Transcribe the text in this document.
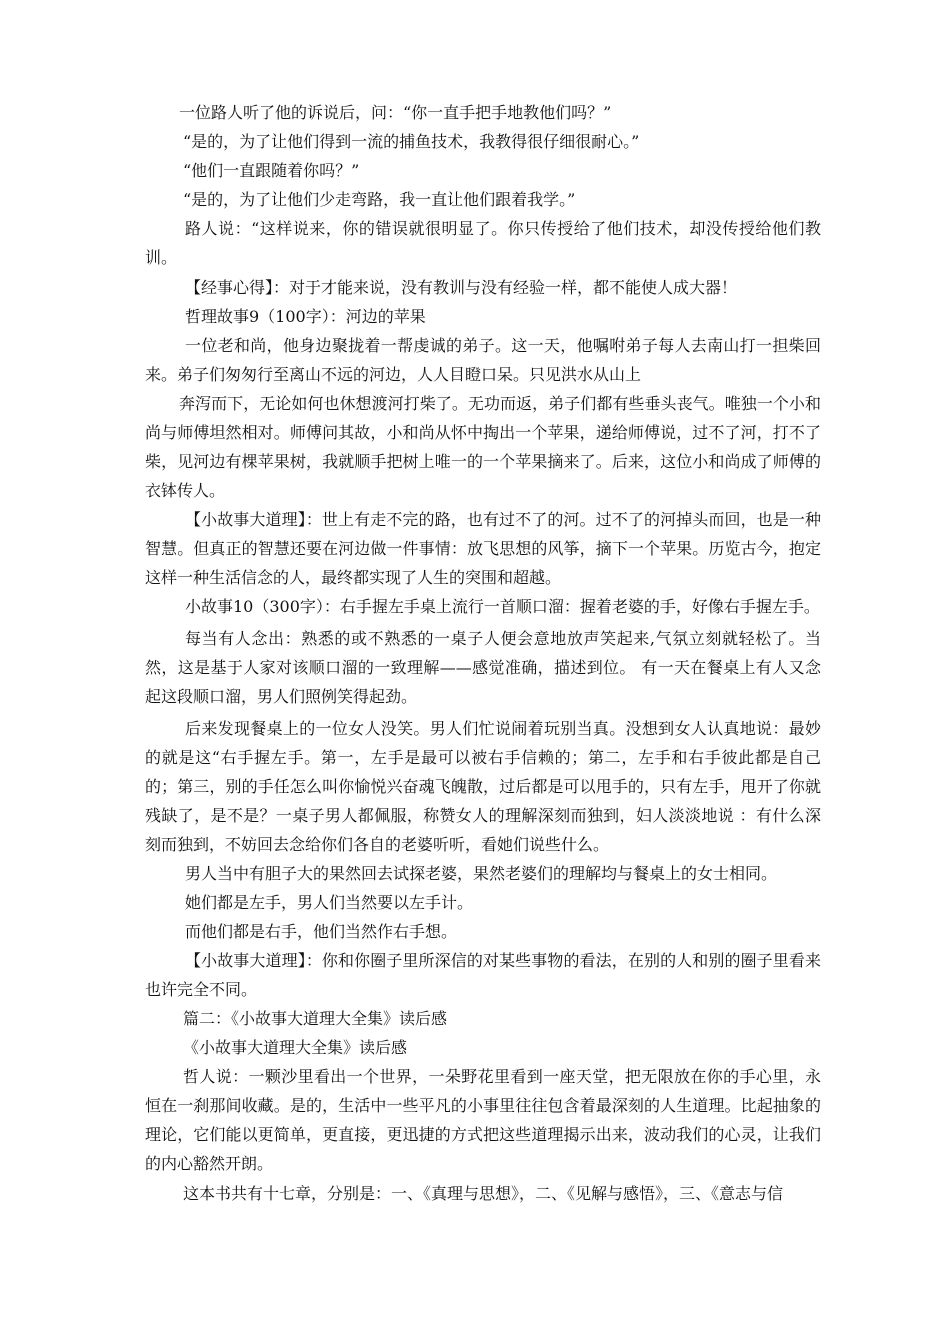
一位路人听了他的诉说后，问：“你一直手把手地教他们吗？”

“是的，为了让他们得到一流的捕鱼技术，我教得很仔细很耐心。”

“他们一直跟随着你吗？”

“是的，为了让他们少走弯路，我一直让他们跟着我学。”

路人说：“这样说来，你的错误就很明显了。你只传授给了他们技术，却没传授给他们教训。

【经事心得】：对于才能来说，没有教训与没有经验一样，都不能使人成大器！

哲理故事9（100字）：河边的苹果

一位老和尚，他身边聚拢着一帮虔诚的弟子。这一天，他嘱咐弟子每人去南山打一担柴回来。弟子们匆匆行至离山不远的河边，人人目瞪口呆。只见洪水从山上

奔泻而下，无论如何也休想渡河打柴了。无功而返，弟子们都有些垂头丧气。唯独一个小和尚与师傅坦然相对。师傅问其故，小和尚从怀中掏出一个苹果，递给师傅说，过不了河，打不了柴，见河边有棵苹果树，我就顺手把树上唯一的一个苹果摘来了。后来，这位小和尚成了师傅的衣钵传人。

【小故事大道理】：世上有走不完的路，也有过不了的河。过不了的河掉头而回，也是一种智慧。但真正的智慧还要在河边做一件事情：放飞思想的风筝，摘下一个苹果。历览古今，抱定这样一种生活信念的人，最终都实现了人生的突围和超越。

小故事10（300字）：右手握左手桌上流行一首顺口溜：握着老婆的手，好像右手握左手。

每当有人念出：熟悉的或不熟悉的一桌子人便会意地放声笑起来,气氛立刻就轻松了。当然，这是基于人家对该顺口溜的一致理解——感觉准确，描述到位。 有一天在餐桌上有人又念起这段顺口溜，男人们照例笑得起劲。

后来发现餐桌上的一位女人没笑。男人们忙说闹着玩别当真。没想到女人认真地说：最妙的就是这“右手握左手。第一，左手是最可以被右手信赖的；第二，左手和右手彼此都是自己的；第三，别的手任怎么叫你愉悦兴奋魂飞魄散，过后都是可以甩手的，只有左手，甩开了你就残缺了，是不是？一桌子男人都佩服，称赞女人的理解深刻而独到，妇人淡淡地说 ：有什么深刻而独到，不妨回去念给你们各自的老婆听听，看她们说些什么。

男人当中有胆子大的果然回去试探老婆，果然老婆们的理解均与餐桌上的女士相同。

她们都是左手，男人们当然要以左手计。

而他们都是右手，他们当然作右手想。

【小故事大道理】：你和你圈子里所深信的对某些事物的看法，在别的人和别的圈子里看来也许完全不同。

篇二：《小故事大道理大全集》读后感

《小故事大道理大全集》读后感

哲人说：一颗沙里看出一个世界，一朵野花里看到一座天堂，把无限放在你的手心里，永恒在一刹那间收藏。是的，生活中一些平凡的小事里往往包含着最深刻的人生道理。比起抽象的理论，它们能以更简单，更直接，更迅捷的方式把这些道理揭示出来，波动我们的心灵，让我们的内心豁然开朗。

这本书共有十七章，分别是：一、《真理与思想》，二、《见解与感悟》，三、《意志与信
